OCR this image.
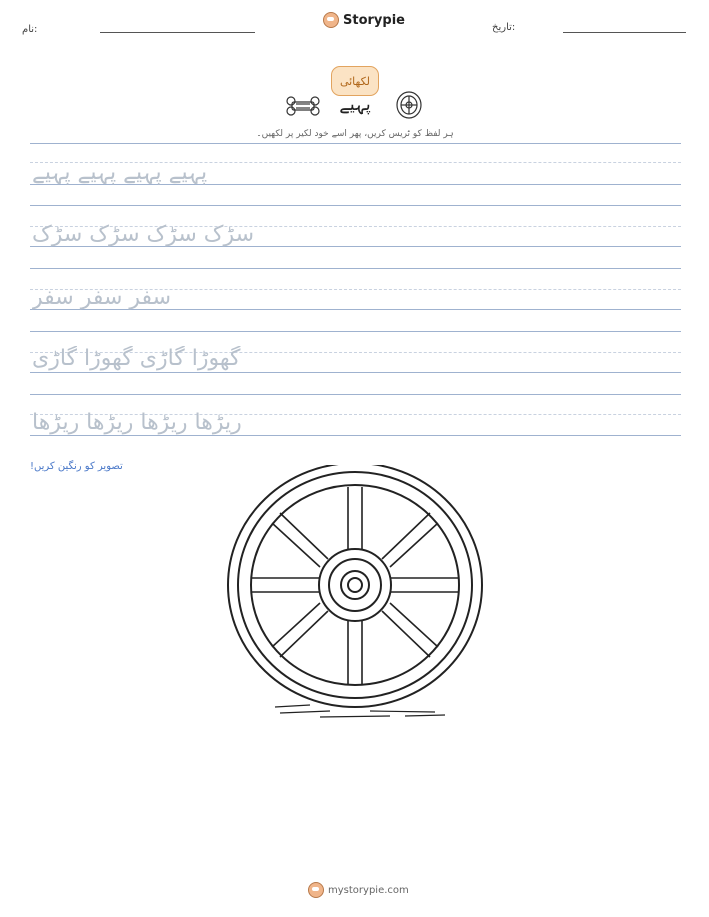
نام:
Storypie	تاریخ:
لکھائی
پہیے
ہر لفظ کو ٹریس کریں، پھر اسے خود لکیر پر لکھیں۔
پہیے پہیے پہیے پہیے
سڑک سڑک سڑک سڑک
سفر سفر سفر
گھوڑا گاڑی گھوڑا گاڑی
ریڑھا ریڑھا ریڑھا ریڑھا
تصویر کو رنگین کریں!
mystorypie.com
